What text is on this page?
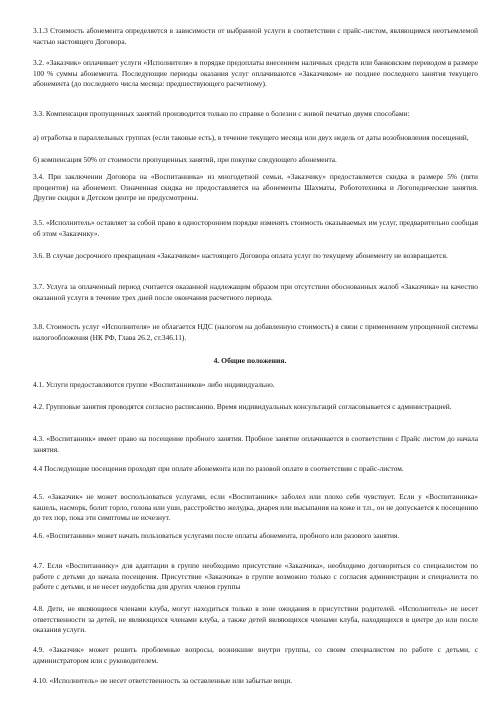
3.1.3 Стоимость абонемента определяется в зависимости от выбранной услуги в соответствии с прайс-листом, являющимся неотъемлемой частью настоящего Договора.

3.2. «Заказчик» оплачивает услуги «Исполнителя» в порядке предоплаты внесением наличных средств или банковским переводом в размере 100 % суммы абонемента. Последующие периоды оказания услуг оплачиваются «Заказчиком» не позднее последнего занятия текущего абонемента (до последнего числа месяца: предшествующего расчетному).

3.3. Компенсация пропущенных занятий производится только по справке о болезни с живой печатью двумя способами:

а) отработка в параллельных группах (если таковые есть), в течение текущего месяца или двух недель от даты возобновления посещений,

б) компенсация 50% от стоимости пропущенных занятий, при покупке следующего абонемента.

3.4. При заключении Договора на «Воспитанника» из многодетной семьи, «Заказчику» предоставляется скидка в размере 5% (пяти процентов) на абонемент. Означенная скидка не предоставляется на абонементы Шахматы, Робототехника и Логопедические занятия. Другие скидки в Детском центре не предусмотрены.

3.5. «Исполнитель» оставляет за собой право в одностороннем порядке изменять стоимость оказываемых им услуг, предварительно сообщая об этом «Заказчику».

3.6. В случае досрочного прекращения «Заказчиком» настоящего Договора оплата услуг по текущему абонементу не возвращается.

3.7. Услуга за оплаченный период считается оказанной надлежащим образом при отсутствии обоснованных жалоб «Заказчика» на качество оказанной услуги в течение трех дней после окончания расчетного периода.

3.8. Стоимость услуг «Исполнителя» не облагается НДС (налогом на добавленную стоимость) в связи с применением упрощенной системы налогообложения (НК РФ, Глава 26.2, ст.346.11).

4. Общие положения.

4.1. Услуги предоставляются группе «Воспитанников» либо индивидуально.

4.2. Групповые занятия проводятся согласно расписанию. Время индивидуальных консультаций согласовывается с администрацией.

4.3. «Воспитанник» имеет право на посещение пробного занятия. Пробное занятие оплачивается в соответствии с Прайс листом до начала занятия.

4.4 Последующие посещения проходят при оплате абонемента или по разовой оплате в соответствии с прайс-листом.

4.5. «Заказчик» не может воспользоваться услугами, если «Воспитанник» заболел или плохо себя чувствует. Если у «Воспитанника» кашель, насморк, болит горло, голова или уши, расстройство желудка, диарея или высыпания на коже и т.п., он не допускается к посещению до тех пор, пока эти симптомы не исчезнут.

4.6. «Воспитанник» может начать пользоваться услугами после оплаты абонемента, пробного или разового занятия.

4.7. Если «Воспитаннику» для адаптации в группе необходимо присутствие «Заказчика», необходимо договориться со специалистом по работе с детьми до начала посещения. Присутствие «Заказчика» в группе возможно только с согласия администрации и специалиста по работе с детьми, и не несет неудобства для других членов группы

4.8. Дети, не являющиеся членами клуба, могут находиться только в зоне ожидания в присутствии родителей. «Исполнитель» не несет ответственности за детей, не являющихся членами клуба, а также детей являющихся членами клуба, находящихся в центре до или после оказания услуги.

4.9. «Заказчик» может решить проблемные вопросы, возникшие внутри группы, со своим специалистом по работе с детьми, с администратором или с руководителем.

4.10. «Исполнитель» не несет ответственность за оставленные или забытые вещи.
